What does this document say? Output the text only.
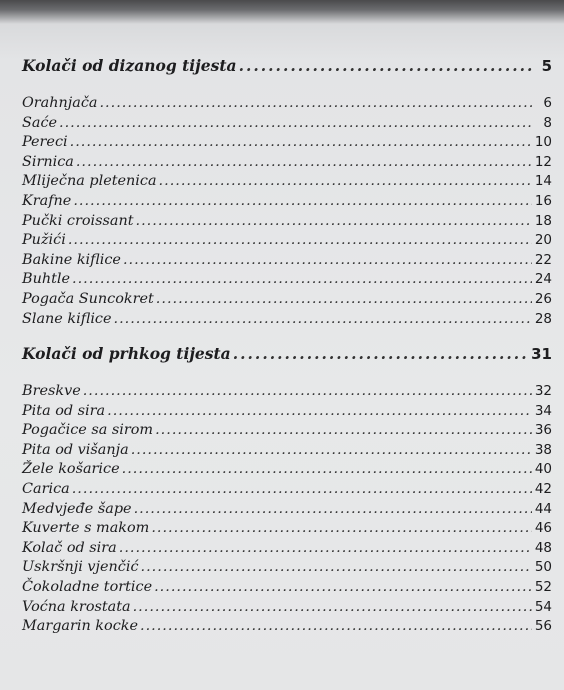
Kolači od dizanog tijesta .....	5
Orahnjača .....	6
Saće .....	8
Pereci .....	10
Sirnica .....	12
Mliječna pletenica .....	14
Krafne .....	16
Pučki croissant .....	18
Pužići .....	20
Bakine kiflice .....	22
Buhtle .....	24
Pogača Suncokret .....	26
Slane kiflice .....	28
Kolači od prhkog tijesta .....	31
Breskve .....	32
Pita od sira .....	34
Pogačice sa sirom .....	36
Pita od višanja .....	38
Žele košarice .....	40
Carica .....	42
Medvjeđe šape .....	44
Kuverte s makom .....	46
Kolač od sira .....	48
Uskršnji vjenčić .....	50
Čokoladne tortice .....	52
Voćna krostata .....	54
Margarin kocke .....	56
